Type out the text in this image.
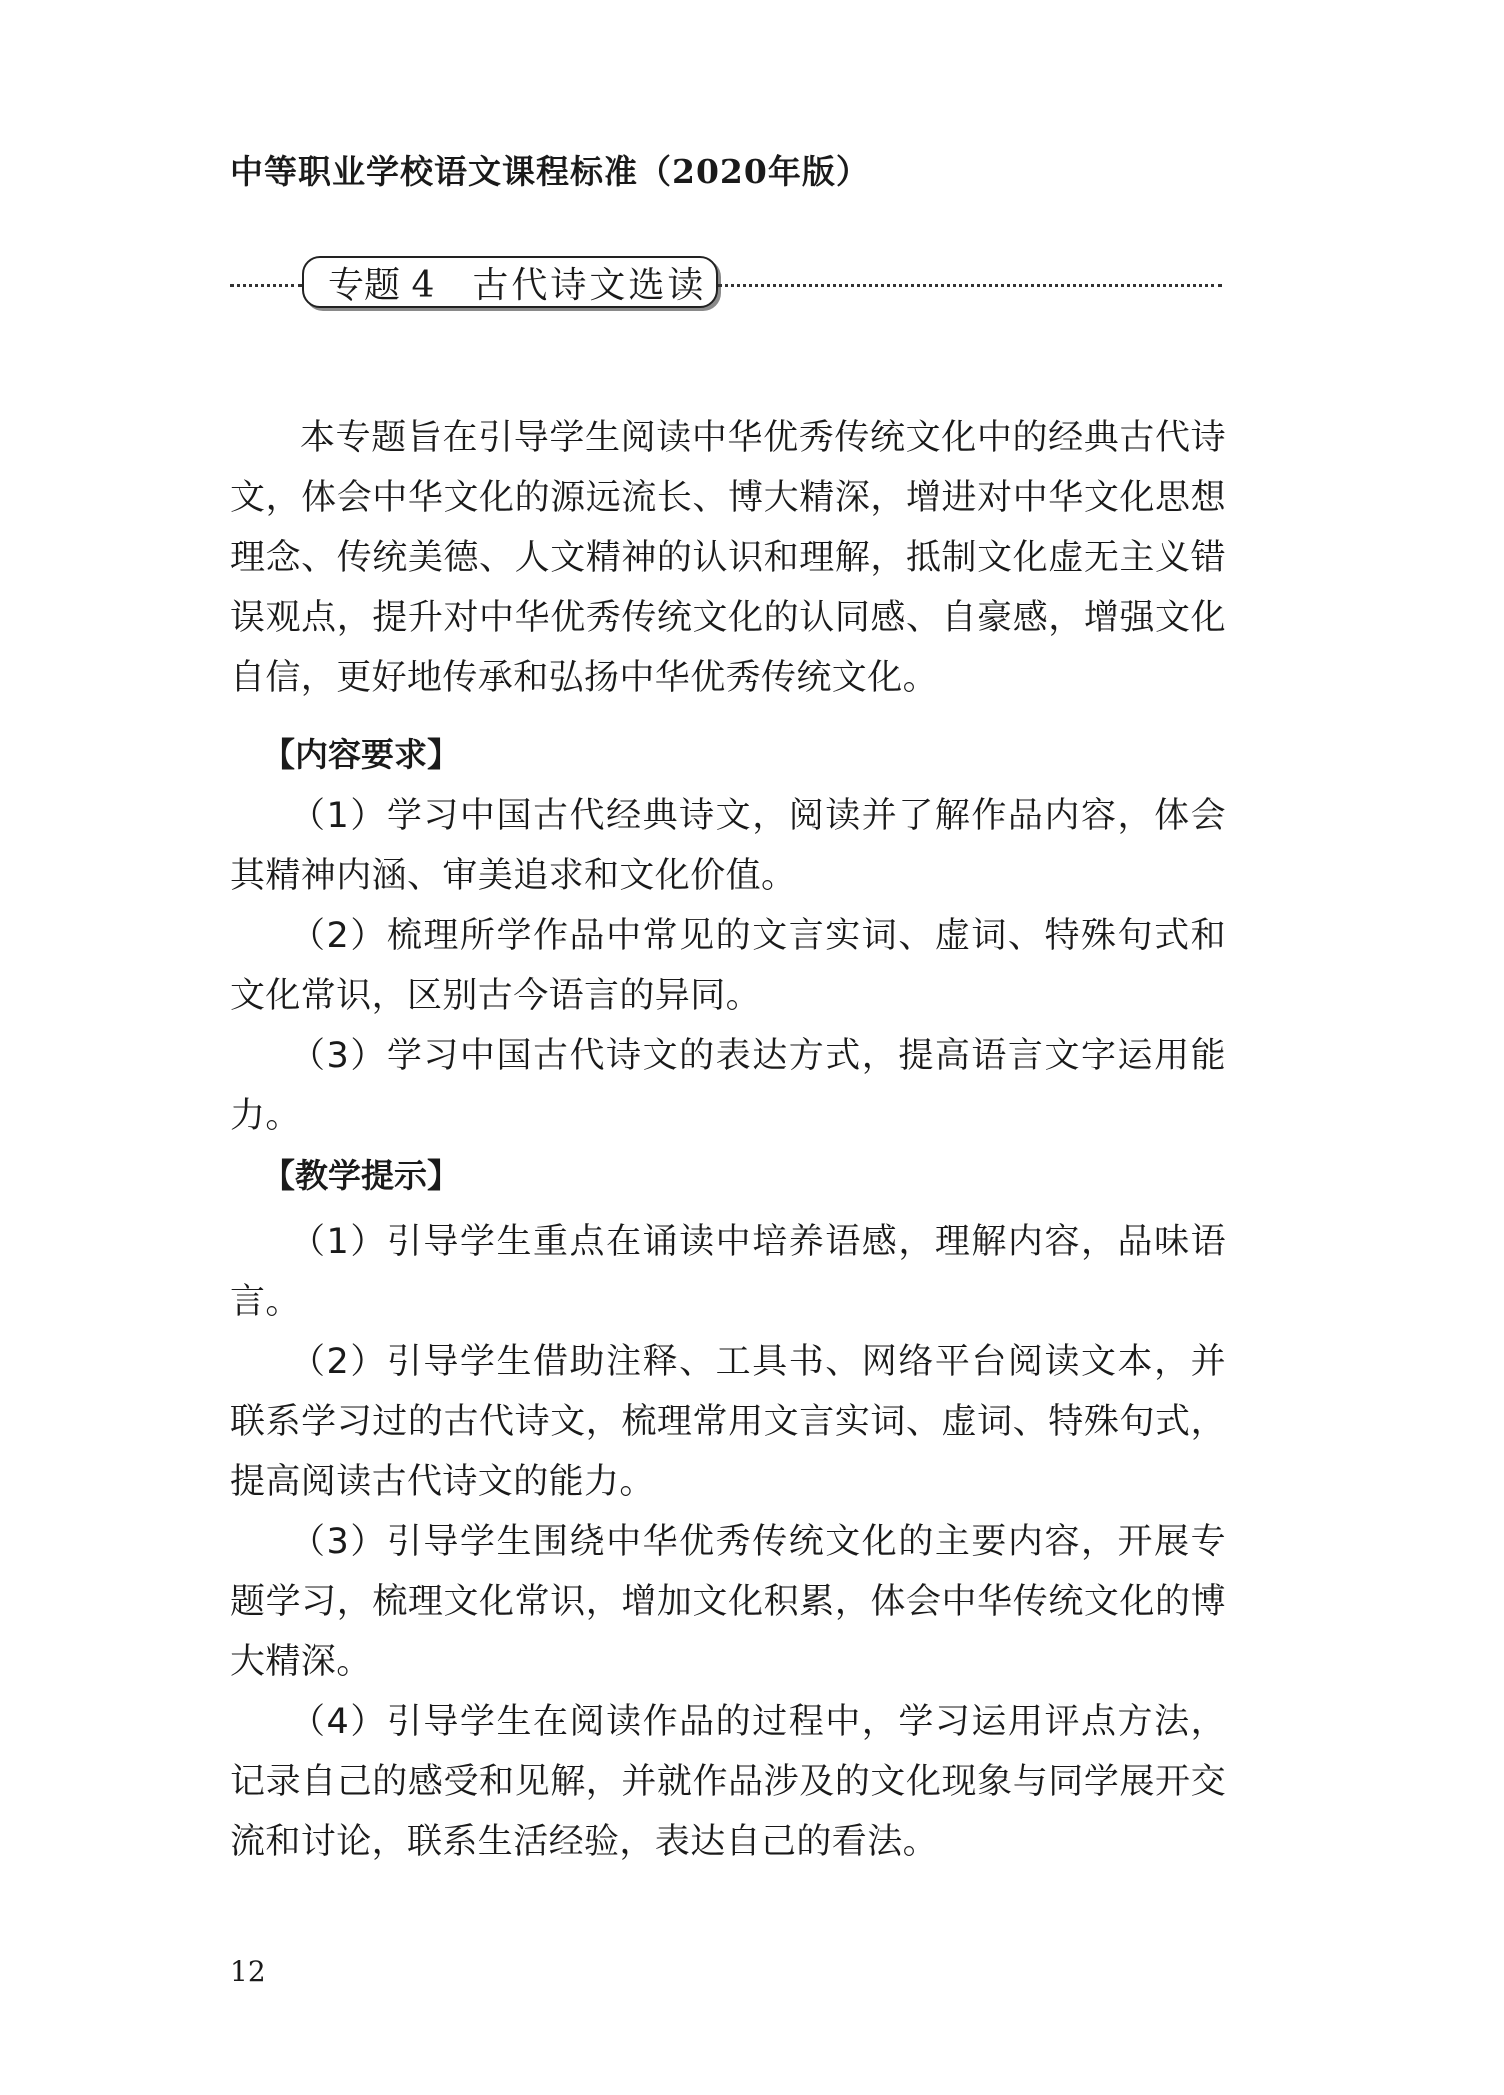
中等职业学校语文课程标准（2020年版）
专题 4 古代诗文选读

本专题旨在引导学生阅读中华优秀传统文化中的经典古代诗文，体会中华文化的源远流长、博大精深，增进对中华文化思想理念、传统美德、人文精神的认识和理解，抵制文化虚无主义错误观点，提升对中华优秀传统文化的认同感、自豪感，增强文化自信，更好地传承和弘扬中华优秀传统文化。

【内容要求】
（1）学习中国古代经典诗文，阅读并了解作品内容，体会其精神内涵、审美追求和文化价值。
（2）梳理所学作品中常见的文言实词、虚词、特殊句式和文化常识，区别古今语言的异同。
（3）学习中国古代诗文的表达方式，提高语言文字运用能力。
【教学提示】
（1）引导学生重点在诵读中培养语感，理解内容，品味语言。
（2）引导学生借助注释、工具书、网络平台阅读文本，并联系学习过的古代诗文，梳理常用文言实词、虚词、特殊句式，提高阅读古代诗文的能力。
（3）引导学生围绕中华优秀传统文化的主要内容，开展专题学习，梳理文化常识，增加文化积累，体会中华传统文化的博大精深。
（4）引导学生在阅读作品的过程中，学习运用评点方法，记录自己的感受和见解，并就作品涉及的文化现象与同学展开交流和讨论，联系生活经验，表达自己的看法。
12
